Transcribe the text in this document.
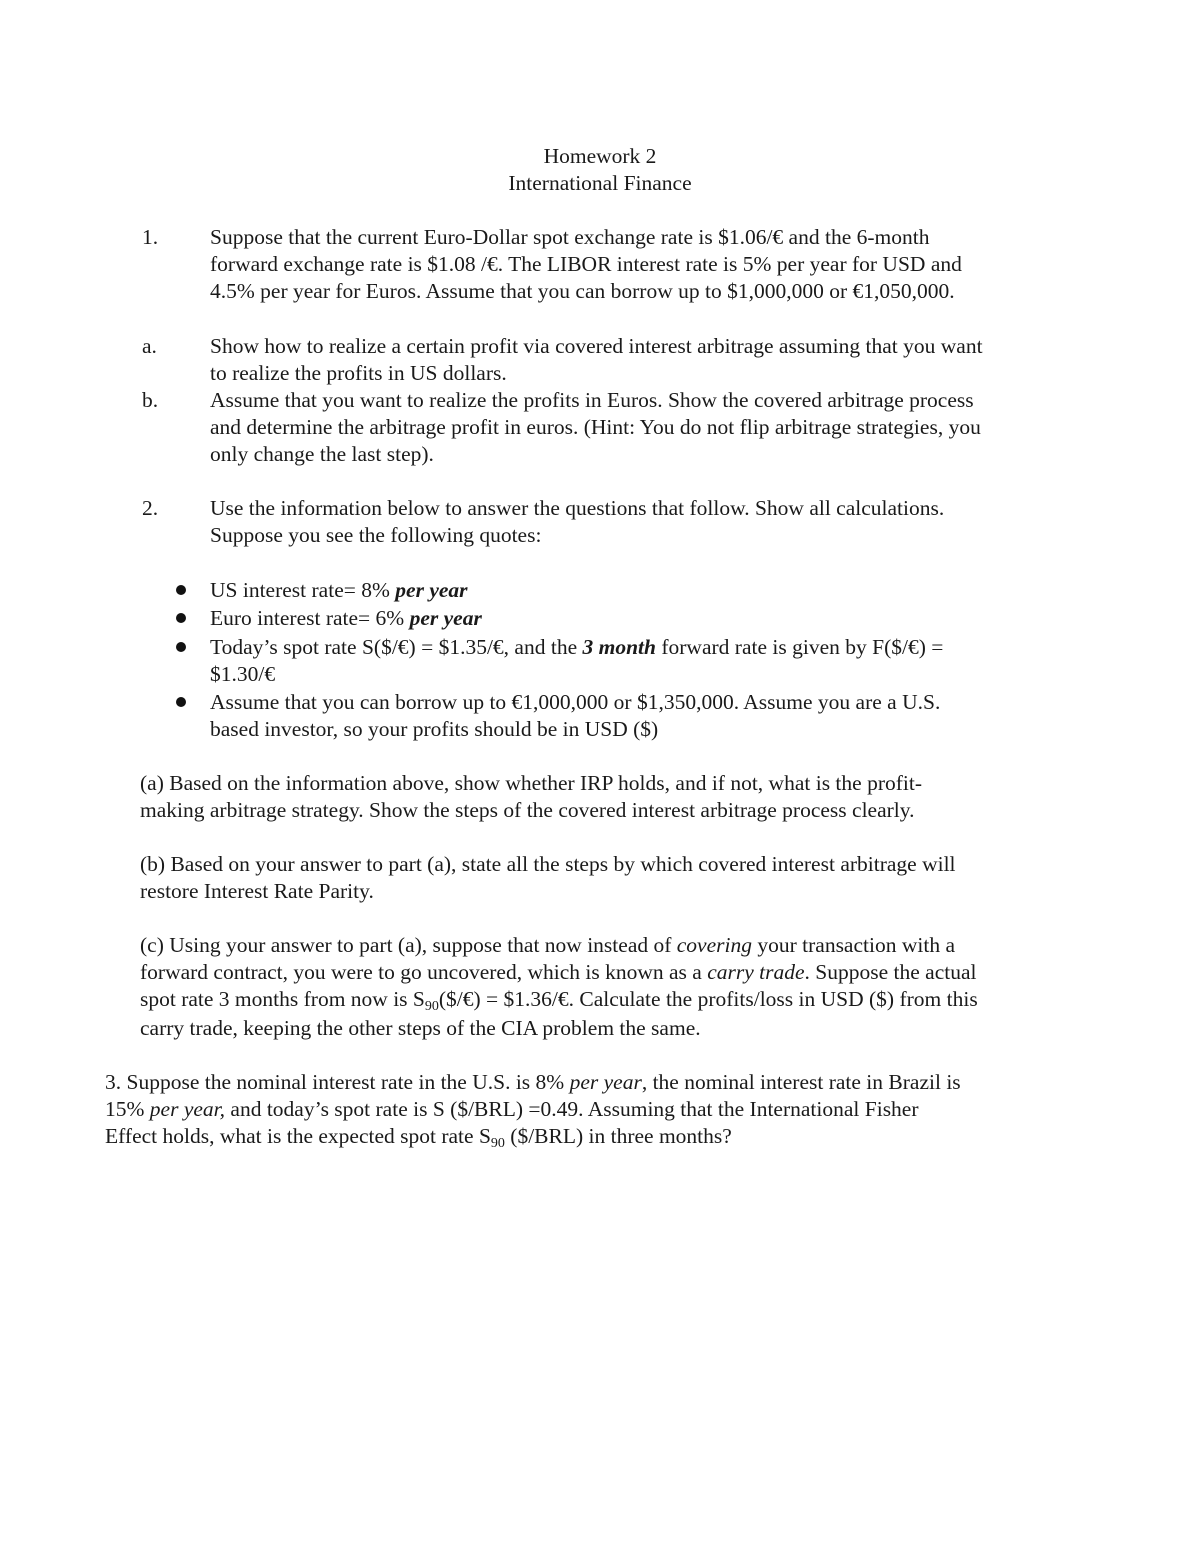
Homework 2
International Finance
1. Suppose that the current Euro-Dollar spot exchange rate is $1.06/€ and the 6-month
forward exchange rate is $1.08 /€. The LIBOR interest rate is 5% per year for USD and
4.5% per year for Euros. Assume that you can borrow up to $1,000,000 or €1,050,000.
a. Show how to realize a certain profit via covered interest arbitrage assuming that you want
to realize the profits in US dollars.
b. Assume that you want to realize the profits in Euros. Show the covered arbitrage process
and determine the arbitrage profit in euros. (Hint: You do not flip arbitrage strategies, you
only change the last step).
2. Use the information below to answer the questions that follow. Show all calculations.
Suppose you see the following quotes:
US interest rate= 8% per year
Euro interest rate= 6% per year
Today’s spot rate S($/€) = $1.35/€, and the 3 month forward rate is given by F($/€) =
$1.30/€
Assume that you can borrow up to €1,000,000 or $1,350,000. Assume you are a U.S.
based investor, so your profits should be in USD ($)
(a) Based on the information above, show whether IRP holds, and if not, what is the profit-
making arbitrage strategy. Show the steps of the covered interest arbitrage process clearly.
(b) Based on your answer to part (a), state all the steps by which covered interest arbitrage will
restore Interest Rate Parity.
(c) Using your answer to part (a), suppose that now instead of covering your transaction with a
forward contract, you were to go uncovered, which is known as a carry trade. Suppose the actual
spot rate 3 months from now is $S_{90}(\$/€)$ = $1.36/€. Calculate the profits/loss in USD ($) from this
carry trade, keeping the other steps of the CIA problem the same.
3. Suppose the nominal interest rate in the U.S. is 8% per year, the nominal interest rate in Brazil is
15% per year, and today’s spot rate is S ($/BRL) =0.49. Assuming that the International Fisher
Effect holds, what is the expected spot rate $S_{90}$ ($/BRL) in three months?
